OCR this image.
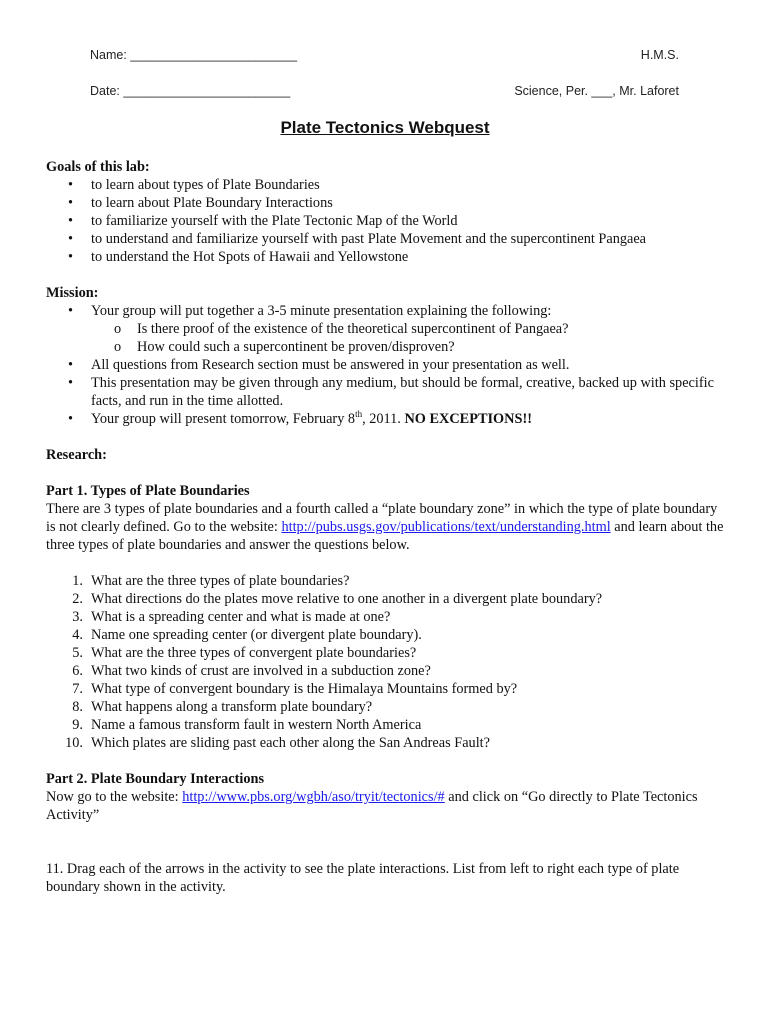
Name: ________________________	H.M.S.
Date: ________________________	Science, Per. ___, Mr. Laforet
Plate Tectonics Webquest

Goals of this lab:

• to learn about types of Plate Boundaries
• to learn about Plate Boundary Interactions
• to familiarize yourself with the Plate Tectonic Map of the World
• to understand and familiarize yourself with past Plate Movement and the supercontinent Pangaea
• to understand the Hot Spots of Hawaii and Yellowstone

Mission:

• Your group will put together a 3-5 minute presentation explaining the following:
o Is there proof of the existence of the theoretical supercontinent of Pangaea?
o How could such a supercontinent be proven/disproven?
• All questions from Research section must be answered in your presentation as well.
• This presentation may be given through any medium, but should be formal, creative, backed up with specific facts, and run in the time allotted.
• Your group will present tomorrow, February 8th, 2011. NO EXCEPTIONS!!

Research:

Part 1. Types of Plate Boundaries

There are 3 types of plate boundaries and a fourth called a “plate boundary zone” in which the type of plate boundary is not clearly defined. Go to the website: http://pubs.usgs.gov/publications/text/understanding.html and learn about the three types of plate boundaries and answer the questions below.

1. What are the three types of plate boundaries?
2. What directions do the plates move relative to one another in a divergent plate boundary?
3. What is a spreading center and what is made at one?
4. Name one spreading center (or divergent plate boundary).
5. What are the three types of convergent plate boundaries?
6. What two kinds of crust are involved in a subduction zone?
7. What type of convergent boundary is the Himalaya Mountains formed by?
8. What happens along a transform plate boundary?
9. Name a famous transform fault in western North America
10. Which plates are sliding past each other along the San Andreas Fault?

Part 2. Plate Boundary Interactions

Now go to the website: http://www.pbs.org/wgbh/aso/tryit/tectonics/# and click on “Go directly to Plate Tectonics Activity”

11. Drag each of the arrows in the activity to see the plate interactions. List from left to right each type of plate boundary shown in the activity.
